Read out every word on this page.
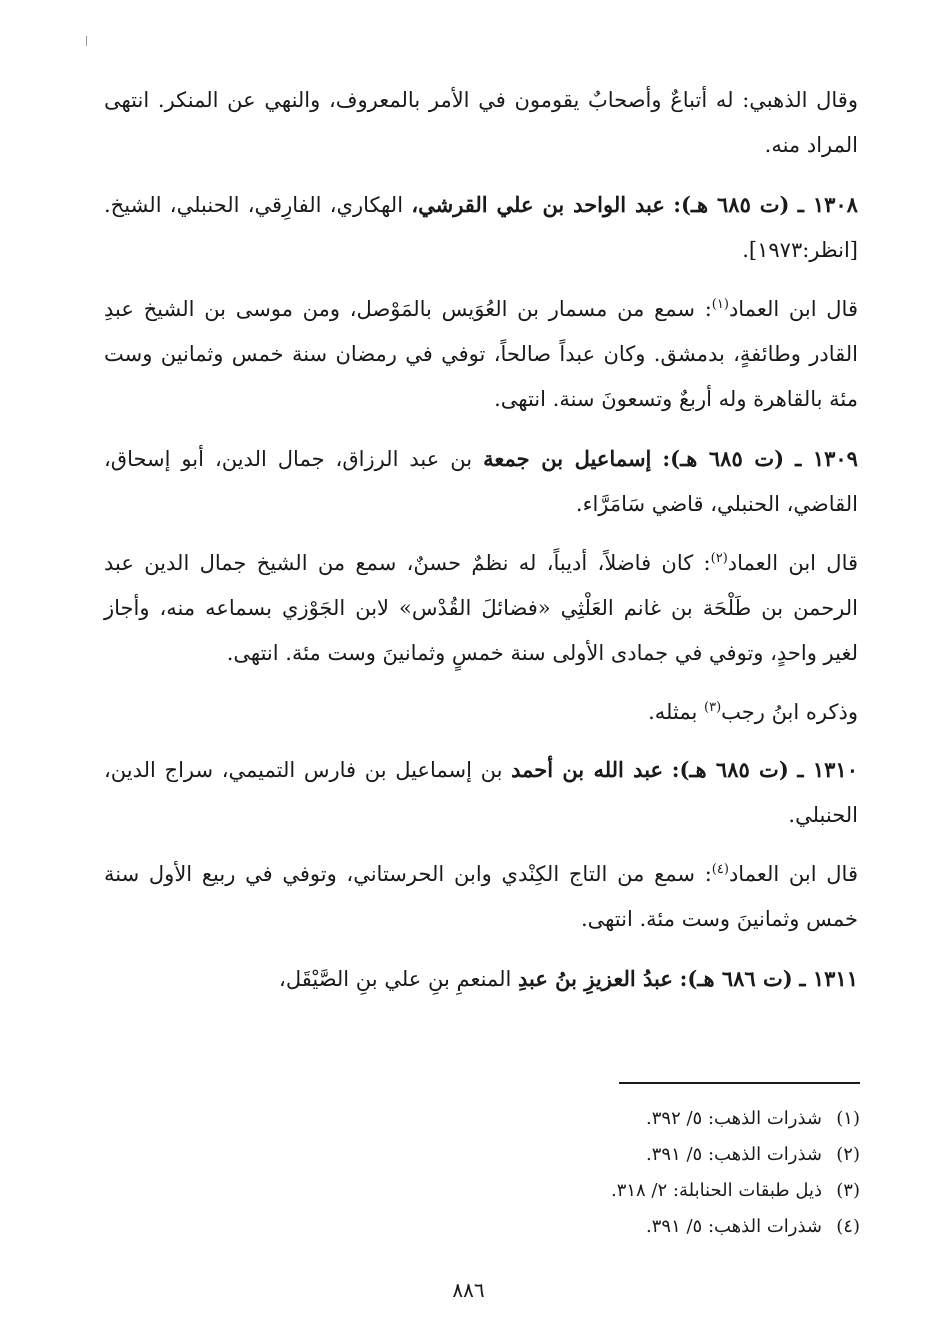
وقال الذهبي: له أتباعٌ وأصحابٌ يقومون في الأمر بالمعروف، والنهي عن المنكر. انتهى المراد منه.

١٣٠٨ ـ (ت ٦٨٥ هـ): عبد الواحد بن علي القرشي، الهكاري، الفارِقي، الحنبلي، الشيخ. [انظر:١٩٧٣].

قال ابن العماد$^{(١)}$: سمع من مسمار بن العُوَيس بالمَوْصل، ومن موسى بن الشيخ عبدِ القادر وطائفةٍ، بدمشق. وكان عبداً صالحاً، توفي في رمضان سنة خمس وثمانين وست مئة بالقاهرة وله أربعٌ وتسعونَ سنة. انتهى.

١٣٠٩ ـ (ت ٦٨٥ هـ): إسماعيل بن جمعة بن عبد الرزاق، جمال الدين، أبو إسحاق، القاضي، الحنبلي، قاضي سَامَرَّاء.

قال ابن العماد$^{(٢)}$: كان فاضلاً، أديباً، له نظمٌ حسنٌ، سمع من الشيخ جمال الدين عبد الرحمن بن طَلْحَة بن غانم العَلْثِي «فضائلَ القُدْس» لابن الجَوْزي بسماعه منه، وأجاز لغير واحدٍ، وتوفي في جمادى الأولى سنة خمسٍ وثمانينَ وست مئة. انتهى.

وذكره ابنُ رجب$^{(٣)}$ بمثله.

١٣١٠ ـ (ت ٦٨٥ هـ): عبد الله بن أحمد بن إسماعيل بن فارس التميمي، سراج الدين، الحنبلي.

قال ابن العماد$^{(٤)}$: سمع من التاج الكِنْدي وابن الحرستاني، وتوفي في ربيع الأول سنة خمس وثمانينَ وست مئة. انتهى.

١٣١١ ـ (ت ٦٨٦ هـ): عبدُ العزيزِ بنُ عبدِ المنعمِ بنِ علي بنِ الصَّيْقَل،

(١)
شذرات الذهب: ٥/ ٣٩٢.
(٢)
شذرات الذهب: ٥/ ٣٩١.
(٣)
ذيل طبقات الحنابلة: ٢/ ٣١٨.
(٤)
شذرات الذهب: ٥/ ٣٩١.
٨٨٦
